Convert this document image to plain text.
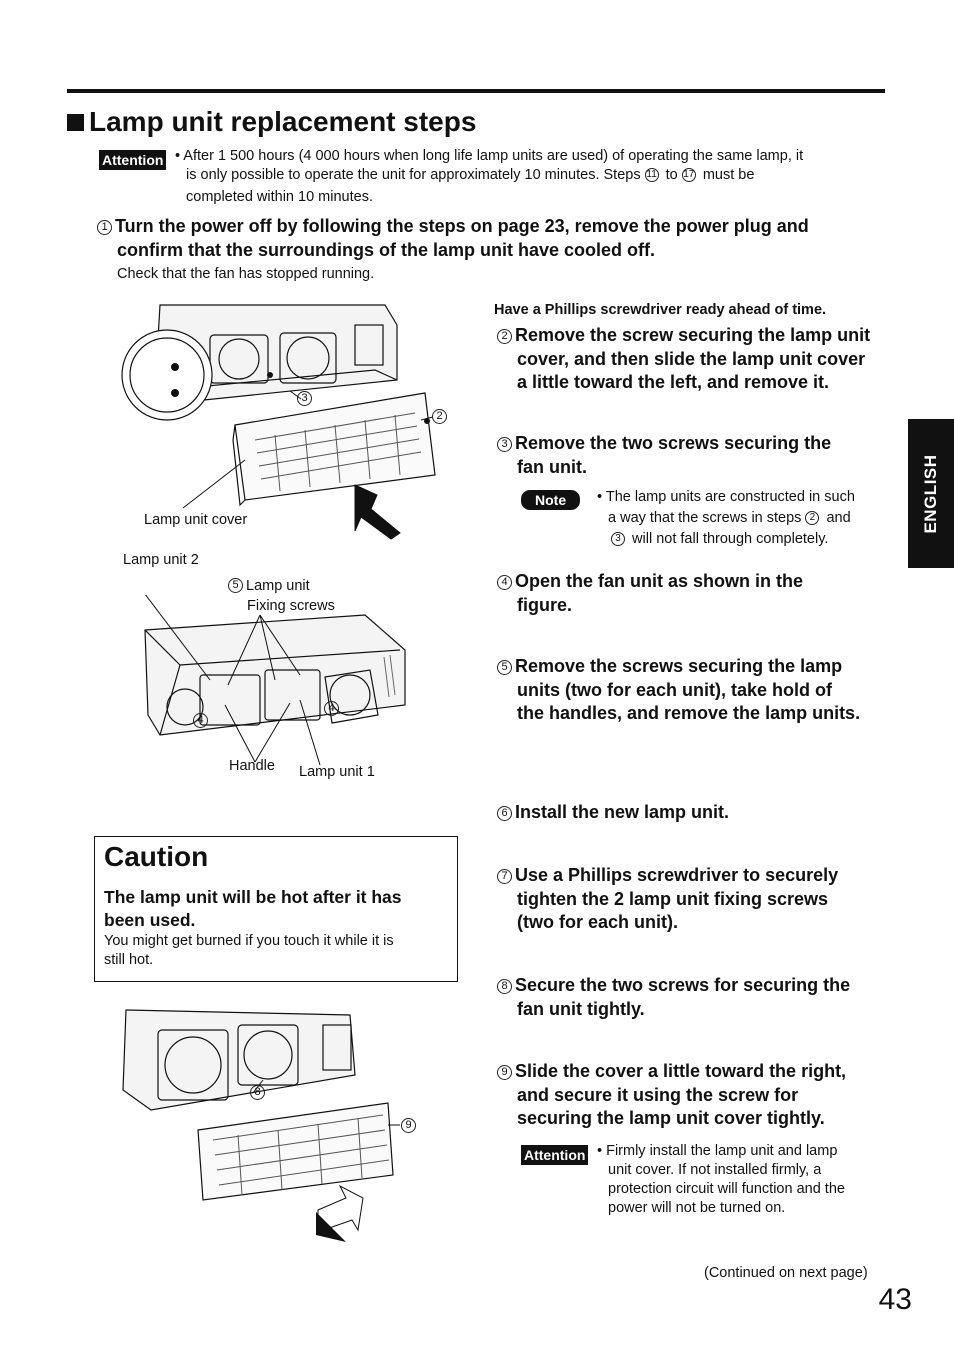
Lamp unit replacement steps
Attention • After 1 500 hours (4 000 hours when long life lamp units are used) of operating the same lamp, it
is only possible to operate the unit for approximately 10 minutes. Steps 11 to 17 must be
completed within 10 minutes.
1 Turn the power off by following the steps on page 23, remove the power plug and
confirm that the surroundings of the lamp unit have cooled off.
Check that the fan has stopped running.
Have a Phillips screwdriver ready ahead of time.
2 Remove the screw securing the lamp unit
cover, and then slide the lamp unit cover
a little toward the left, and remove it.
3 Remove the two screws securing the
fan unit.
Note	• The lamp units are constructed in such
a way that the screws in steps 2 and
3 will not fall through completely.
4 Open the fan unit as shown in the
figure.
5 Remove the screws securing the lamp
units (two for each unit), take hold of
the handles, and remove the lamp units.
6 Install the new lamp unit.
7 Use a Phillips screwdriver to securely
tighten the 2 lamp unit fixing screws
(two for each unit).
8 Secure the two screws for securing the
fan unit tightly.
9 Slide the cover a little toward the right,
and secure it using the screw for
securing the lamp unit cover tightly.
Attention • Firmly install the lamp unit and lamp
unit cover. If not installed firmly, a
protection circuit will function and the
power will not be turned on.
ENGLISH
Caution
The lamp unit will be hot after it has
been used.
You might get burned if you touch it while it is
still hot.
3
2
Lamp unit cover
Lamp unit 2
5 Lamp unit
Fixing screws
4
4
Handle Lamp unit 1
8
9
(Continued on next page)
43
